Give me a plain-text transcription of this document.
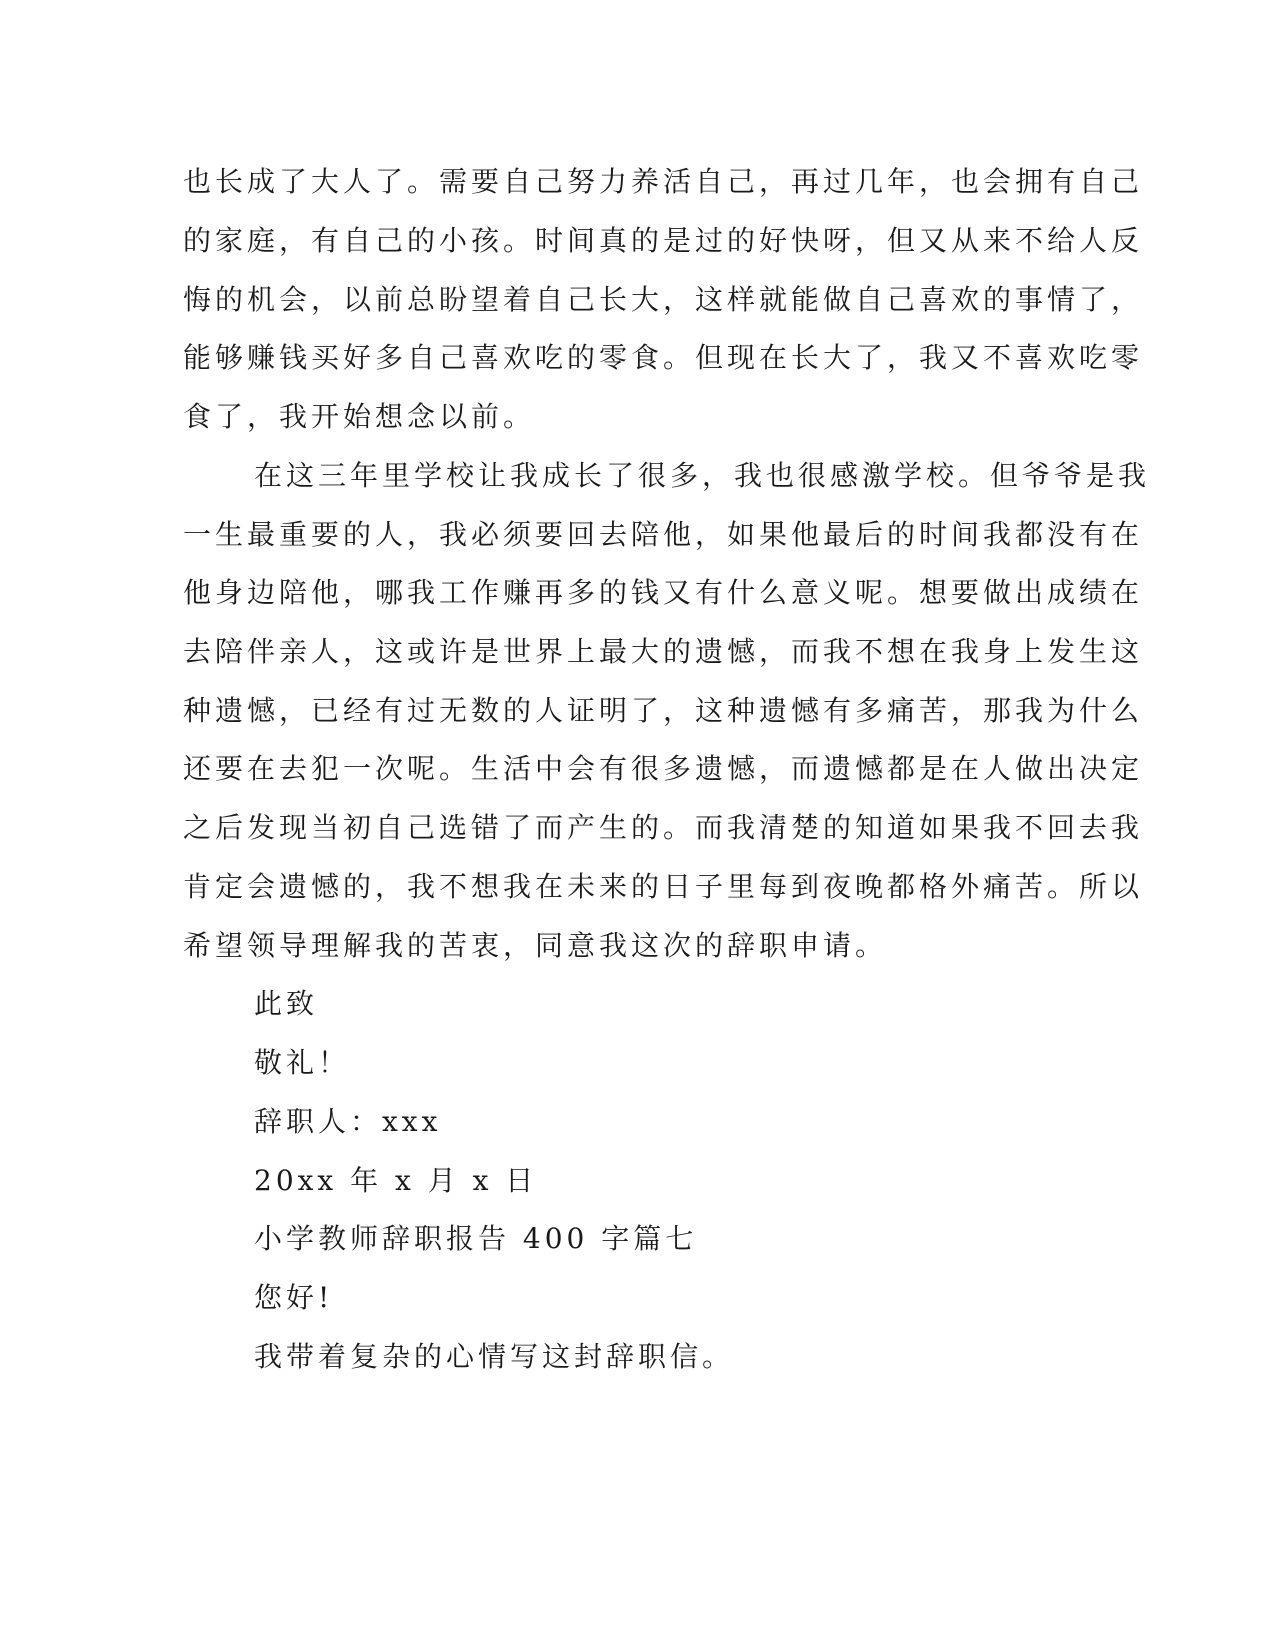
也长成了大人了。需要自己努力养活自己，再过几年，也会拥有自己
的家庭，有自己的小孩。时间真的是过的好快呀，但又从来不给人反
悔的机会，以前总盼望着自己长大，这样就能做自己喜欢的事情了，
能够赚钱买好多自己喜欢吃的零食。但现在长大了，我又不喜欢吃零
食了，我开始想念以前。
在这三年里学校让我成长了很多，我也很感激学校。但爷爷是我
一生最重要的人，我必须要回去陪他，如果他最后的时间我都没有在
他身边陪他，哪我工作赚再多的钱又有什么意义呢。想要做出成绩在
去陪伴亲人，这或许是世界上最大的遗憾，而我不想在我身上发生这
种遗憾，已经有过无数的人证明了，这种遗憾有多痛苦，那我为什么
还要在去犯一次呢。生活中会有很多遗憾，而遗憾都是在人做出决定
之后发现当初自己选错了而产生的。而我清楚的知道如果我不回去我
肯定会遗憾的，我不想我在未来的日子里每到夜晚都格外痛苦。所以
希望领导理解我的苦衷，同意我这次的辞职申请。
此致
敬礼！
辞职人：xxx
20xx 年 x 月 x 日
小学教师辞职报告 400 字篇七
您好!
我带着复杂的心情写这封辞职信。
